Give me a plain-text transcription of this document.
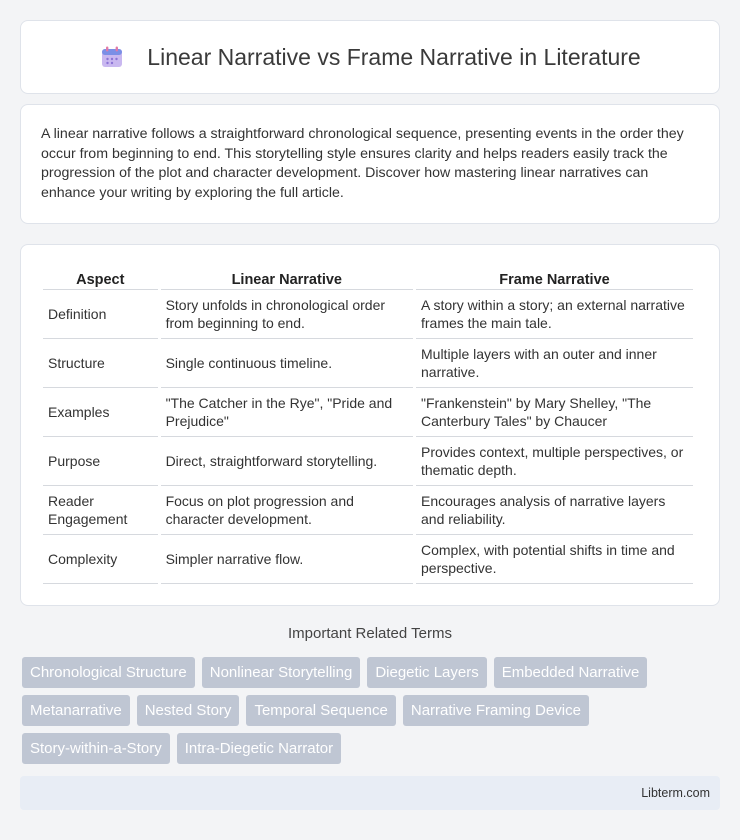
Linear Narrative vs Frame Narrative in Literature

A linear narrative follows a straightforward chronological sequence, presenting events in the order they occur from beginning to end. This storytelling style ensures clarity and helps readers easily track the progression of the plot and character development. Discover how mastering linear narratives can enhance your writing by exploring the full article.

Aspect	Linear Narrative	Frame Narrative
Definition	Story unfolds in chronological order from beginning to end.	A story within a story; an external narrative frames the main tale.
Structure	Single continuous timeline.	Multiple layers with an outer and inner narrative.
Examples	"The Catcher in the Rye", "Pride and Prejudice"	"Frankenstein" by Mary Shelley, "The Canterbury Tales" by Chaucer
Purpose	Direct, straightforward storytelling.	Provides context, multiple perspectives, or thematic depth.
Reader Engagement	Focus on plot progression and character development.	Encourages analysis of narrative layers and reliability.
Complexity	Simpler narrative flow.	Complex, with potential shifts in time and perspective.
Important Related Terms
Chronological Structure	Nonlinear Storytelling	Diegetic Layers	Embedded Narrative
Metanarrative	Nested Story	Temporal Sequence	Narrative Framing Device
Story-within-a-Story	Intra-Diegetic Narrator
Libterm.com
